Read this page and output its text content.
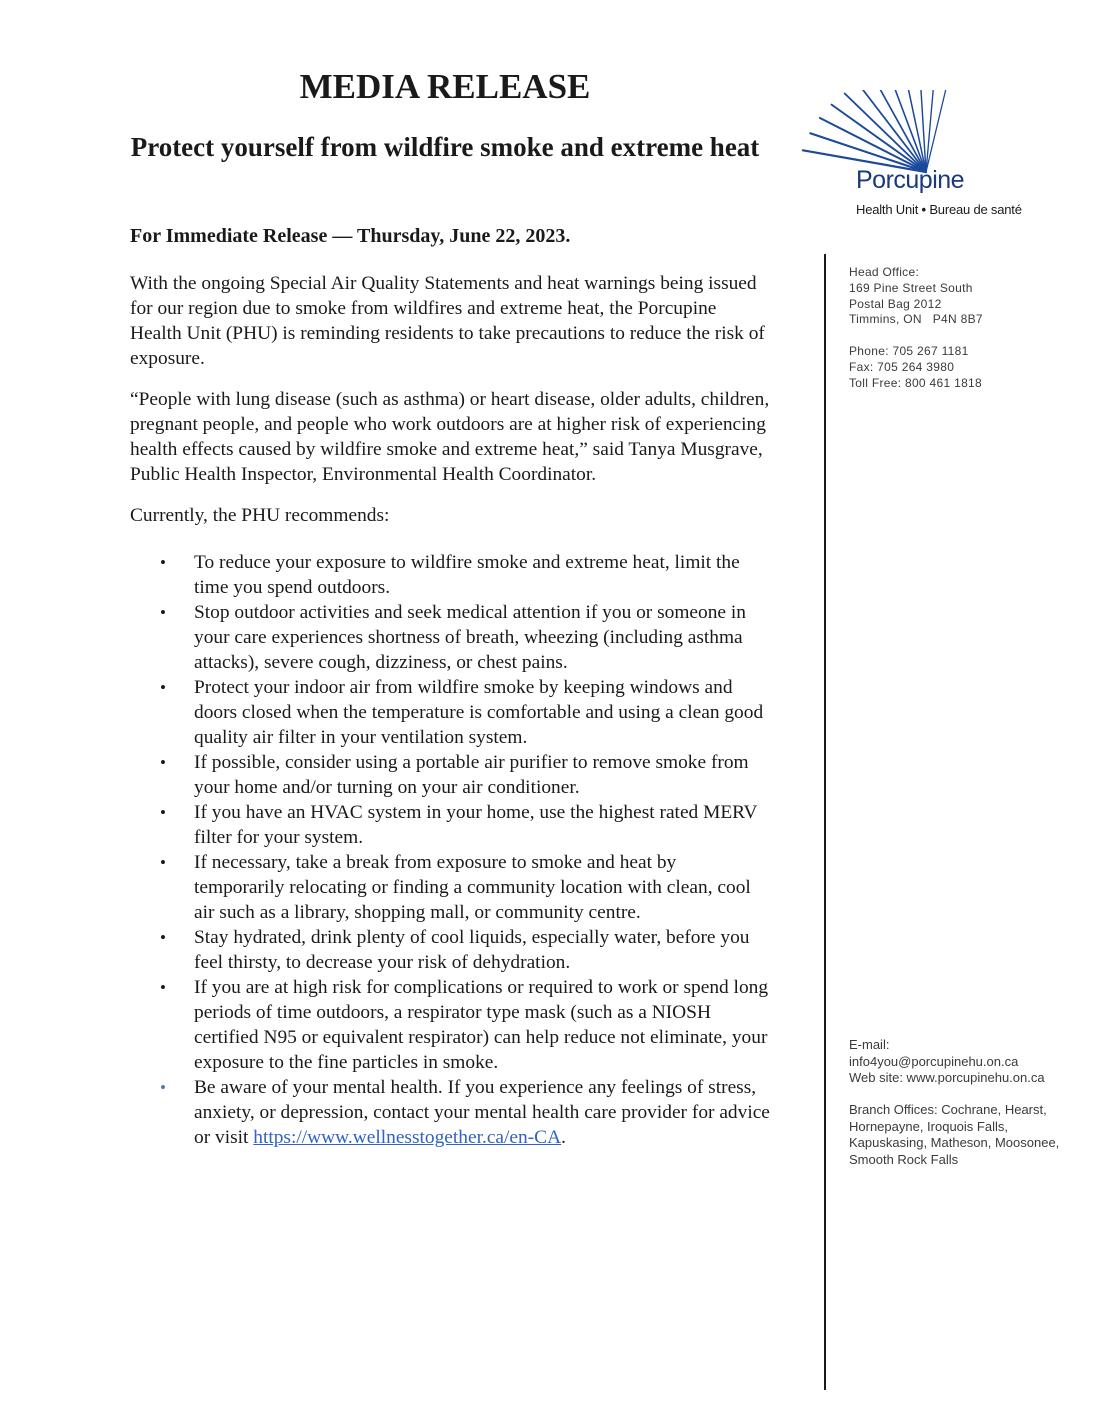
MEDIA RELEASE
Protect yourself from wildfire smoke and extreme heat

For Immediate Release — Thursday, June 22, 2023.

Porcupine
Health Unit • Bureau de santé
Head Office:
169 Pine Street South
Postal Bag 2012
Timmins, ON   P4N 8B7
Phone: 705 267 1181
Fax: 705 264 3980
Toll Free: 800 461 1818
E-mail:
info4you@porcupinehu.on.ca
Web site: www.porcupinehu.on.ca
Branch Offices: Cochrane, Hearst, Hornepayne, Iroquois Falls, Kapuskasing, Matheson, Moosonee, Smooth Rock Falls

With the ongoing Special Air Quality Statements and heat warnings being issued for our region due to smoke from wildfires and extreme heat, the Porcupine Health Unit (PHU) is reminding residents to take precautions to reduce the risk of exposure.

“People with lung disease (such as asthma) or heart disease, older adults, children, pregnant people, and people who work outdoors are at higher risk of experiencing health effects caused by wildfire smoke and extreme heat,” said Tanya Musgrave, Public Health Inspector, Environmental Health Coordinator.

Currently, the PHU recommends:

• To reduce your exposure to wildfire smoke and extreme heat, limit the time you spend outdoors.
• Stop outdoor activities and seek medical attention if you or someone in your care experiences shortness of breath, wheezing (including asthma attacks), severe cough, dizziness, or chest pains.
• Protect your indoor air from wildfire smoke by keeping windows and doors closed when the temperature is comfortable and using a clean good quality air filter in your ventilation system.
• If possible, consider using a portable air purifier to remove smoke from your home and/or turning on your air conditioner.
• If you have an HVAC system in your home, use the highest rated MERV filter for your system.
• If necessary, take a break from exposure to smoke and heat by temporarily relocating or finding a community location with clean, cool air such as a library, shopping mall, or community centre.
• Stay hydrated, drink plenty of cool liquids, especially water, before you feel thirsty, to decrease your risk of dehydration.
• If you are at high risk for complications or required to work or spend long periods of time outdoors, a respirator type mask (such as a NIOSH certified N95 or equivalent respirator) can help reduce not eliminate, your exposure to the fine particles in smoke.
• Be aware of your mental health. If you experience any feelings of stress, anxiety, or depression, contact your mental health care provider for advice or visit https://www.wellnesstogether.ca/en-CA.
